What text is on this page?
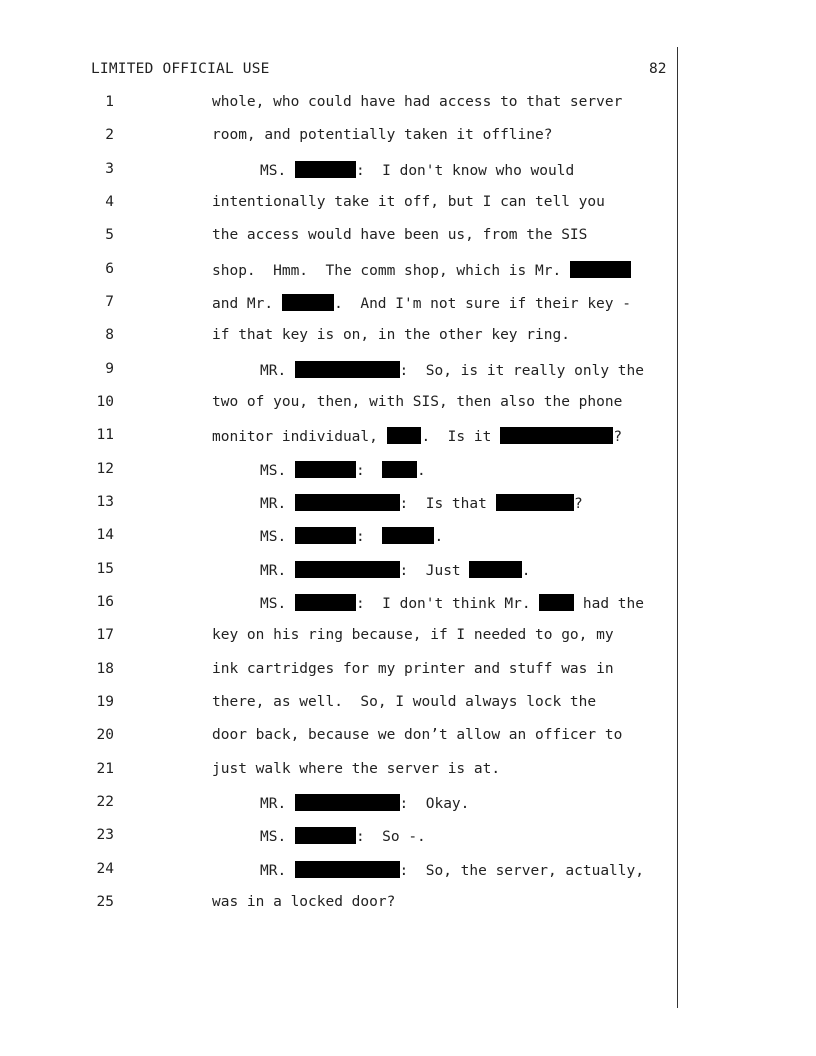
LIMITED OFFICIAL USE	82
1	whole, who could have had access to that server
2	room, and potentially taken it offline?
3	MS.	:  I don't know who would
4	intentionally take it off, but I can tell you
5	the access would have been us, from the SIS
6	shop.  Hmm.  The comm shop, which is Mr.
7	and Mr.	.  And I'm not sure if their key -
8	if that key is on, in the other key ring.
9	MR.	:  So, is it really only the
10	two of you, then, with SIS, then also the phone
11	monitor individual, .  Is it	?
12	MS.	:  .
13	MR.	:  Is that	?
14	MS.	:	.
15	MR.	:  Just	.
16	MS.	:  I don't think Mr.  had the
17	key on his ring because, if I needed to go, my
18	ink cartridges for my printer and stuff was in
19	there, as well.  So, I would always lock the
20	door back, because we don’t allow an officer to
21	just walk where the server is at.
22	MR.	:  Okay.
23	MS.	:  So -.
24	MR.	:  So, the server, actually,
25	was in a locked door?
